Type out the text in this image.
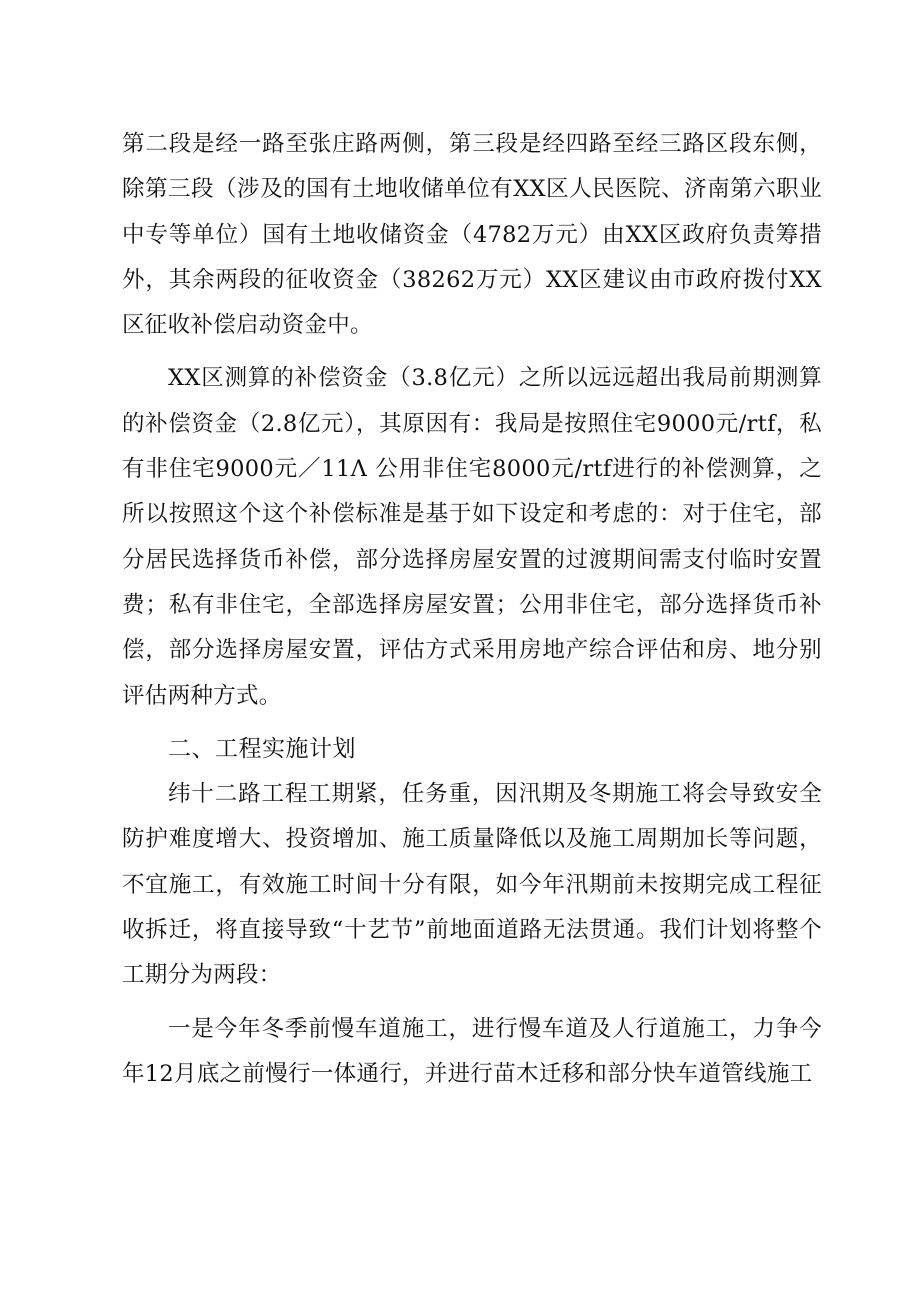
第二段是经一路至张庄路两侧，第三段是经四路至经三路区段东侧，除第三段（涉及的国有土地收储单位有XX区人民医院、济南第六职业中专等单位）国有土地收储资金（4782万元）由XX区政府负责筹措外，其余两段的征收资金（38262万元）XX区建议由市政府拨付XX区征收补偿启动资金中。

XX区测算的补偿资金（3.8亿元）之所以远远超出我局前期测算的补偿资金（2.8亿元），其原因有：我局是按照住宅9000元/rtf，私有非住宅9000元／11Λ 公用非住宅8000元/rtf进行的补偿测算，之所以按照这个这个补偿标准是基于如下设定和考虑的：对于住宅，部分居民选择货币补偿，部分选择房屋安置的过渡期间需支付临时安置费；私有非住宅，全部选择房屋安置；公用非住宅，部分选择货币补偿，部分选择房屋安置，评估方式采用房地产综合评估和房、地分别评估两种方式。

二、工程实施计划

纬十二路工程工期紧，任务重，因汛期及冬期施工将会导致安全防护难度增大、投资增加、施工质量降低以及施工周期加长等问题，不宜施工，有效施工时间十分有限，如今年汛期前未按期完成工程征收拆迁，将直接导致“十艺节”前地面道路无法贯通。我们计划将整个工期分为两段：

一是今年冬季前慢车道施工，进行慢车道及人行道施工，力争今年12月底之前慢行一体通行，并进行苗木迁移和部分快车道管线施工
